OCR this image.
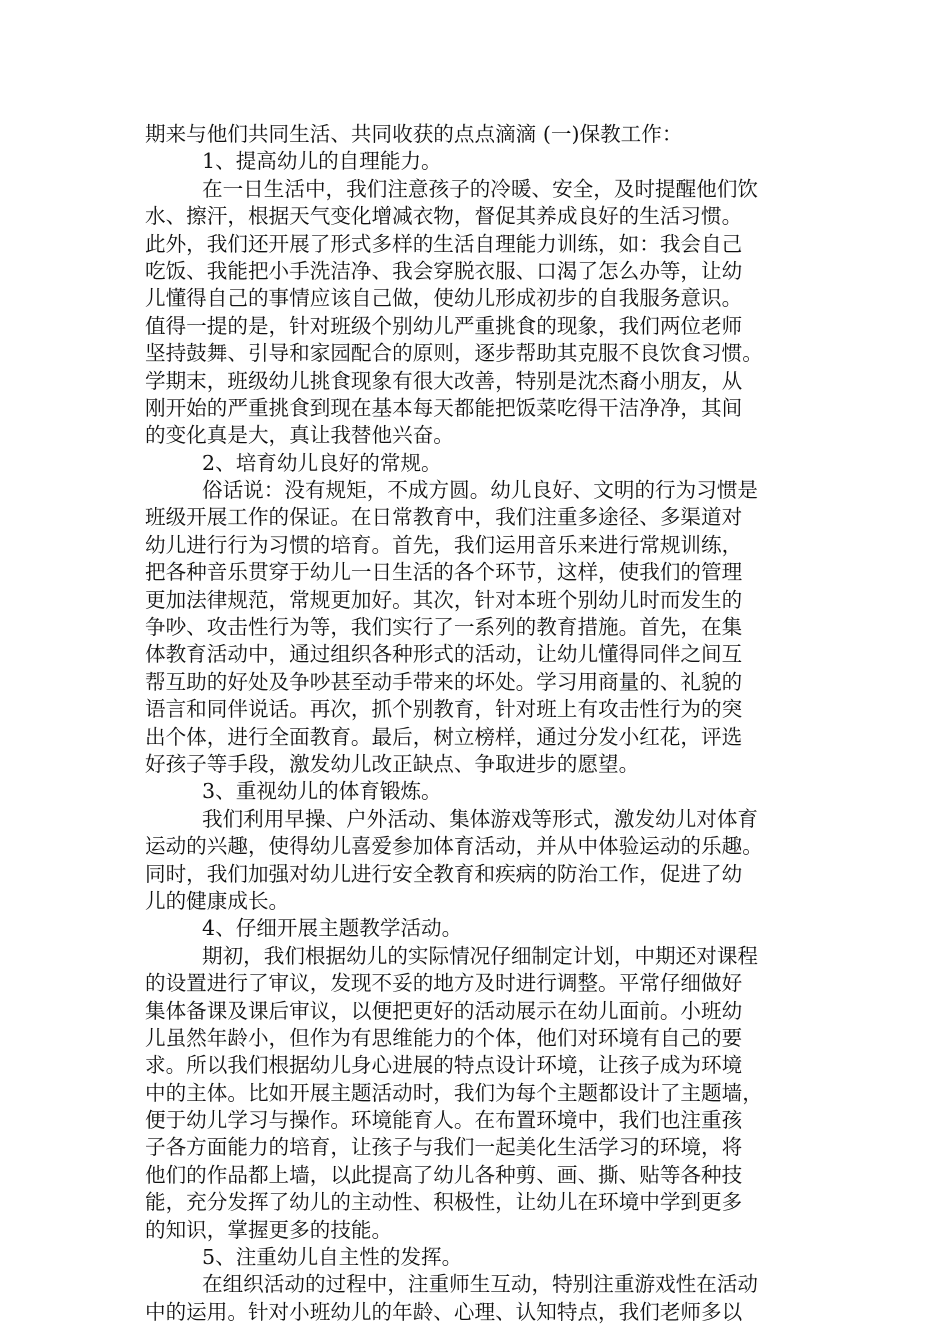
期来与他们共同生活、共同收获的点点滴滴 (一)保教工作：
1、提高幼儿的自理能力。
在一日生活中，我们注意孩子的冷暖、安全，及时提醒他们饮
水、擦汗，根据天气变化增减衣物，督促其养成良好的生活习惯。
此外，我们还开展了形式多样的生活自理能力训练，如：我会自己
吃饭、我能把小手洗洁净、我会穿脱衣服、口渴了怎么办等，让幼
儿懂得自己的事情应该自己做，使幼儿形成初步的自我服务意识。
值得一提的是，针对班级个别幼儿严重挑食的现象，我们两位老师
坚持鼓舞、引导和家园配合的原则，逐步帮助其克服不良饮食习惯。
学期末，班级幼儿挑食现象有很大改善，特别是沈杰裔小朋友，从
刚开始的严重挑食到现在基本每天都能把饭菜吃得干洁净净，其间
的变化真是大，真让我替他兴奋。
2、培育幼儿良好的常规。
俗话说：没有规矩，不成方圆。幼儿良好、文明的行为习惯是
班级开展工作的保证。在日常教育中，我们注重多途径、多渠道对
幼儿进行行为习惯的培育。首先，我们运用音乐来进行常规训练，
把各种音乐贯穿于幼儿一日生活的各个环节，这样，使我们的管理
更加法律规范，常规更加好。其次，针对本班个别幼儿时而发生的
争吵、攻击性行为等，我们实行了一系列的教育措施。首先，在集
体教育活动中，通过组织各种形式的活动，让幼儿懂得同伴之间互
帮互助的好处及争吵甚至动手带来的坏处。学习用商量的、礼貌的
语言和同伴说话。再次，抓个别教育，针对班上有攻击性行为的突
出个体，进行全面教育。最后，树立榜样，通过分发小红花，评选
好孩子等手段，激发幼儿改正缺点、争取进步的愿望。
3、重视幼儿的体育锻炼。
我们利用早操、户外活动、集体游戏等形式，激发幼儿对体育
运动的兴趣，使得幼儿喜爱参加体育活动，并从中体验运动的乐趣。
同时，我们加强对幼儿进行安全教育和疾病的防治工作，促进了幼
儿的健康成长。
4、仔细开展主题教学活动。
期初，我们根据幼儿的实际情况仔细制定计划，中期还对课程
的设置进行了审议，发现不妥的地方及时进行调整。平常仔细做好
集体备课及课后审议，以便把更好的活动展示在幼儿面前。小班幼
儿虽然年龄小，但作为有思维能力的个体，他们对环境有自己的要
求。所以我们根据幼儿身心进展的特点设计环境，让孩子成为环境
中的主体。比如开展主题活动时，我们为每个主题都设计了主题墙，
便于幼儿学习与操作。环境能育人。在布置环境中，我们也注重孩
子各方面能力的培育，让孩子与我们一起美化生活学习的环境，将
他们的作品都上墙，以此提高了幼儿各种剪、画、撕、贴等各种技
能，充分发挥了幼儿的主动性、积极性，让幼儿在环境中学到更多
的知识，掌握更多的技能。
5、注重幼儿自主性的发挥。
在组织活动的过程中，注重师生互动，特别注重游戏性在活动
中的运用。针对小班幼儿的年龄、心理、认知特点，我们老师多以
